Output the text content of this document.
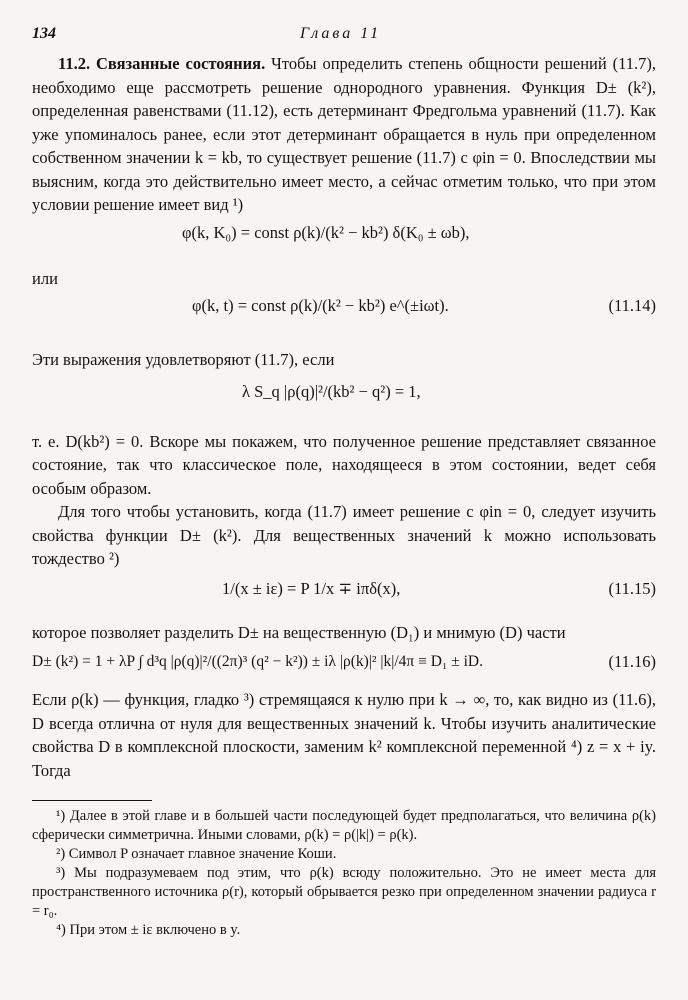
134	Глава 11

11.2. Связанные состояния. Чтобы определить степень общности решений (11.7), необходимо еще рассмотреть решение однородного уравнения. Функция D± (k²), определенная равенствами (11.12), есть детерминант Фредгольма уравнений (11.7). Как уже упоминалось ранее, если этот детерминант обращается в нуль при определенном собственном значении k = kb, то существует решение (11.7) с φin = 0. Впоследствии мы выясним, когда это действительно имеет место, а сейчас отметим только, что при этом условии решение имеет вид ¹)

φ(k, K₀) = const ρ(k)/(k² − kb²) δ(K₀ ± ωb),

или

φ(k, t) = const ρ(k)/(k² − kb²) e^(±iωt).	(11.14)

Эти выражения удовлетворяют (11.7), если

λ S_q |ρ(q)|²/(kb² − q²) = 1,

т. е. D(kb²) = 0. Вскоре мы покажем, что полученное решение представляет связанное состояние, так что классическое поле, находящееся в этом состоянии, ведет себя особым образом.

Для того чтобы установить, когда (11.7) имеет решение с φin = 0, следует изучить свойства функции D± (k²). Для вещественных значений k можно использовать тождество ²)

1/(x ± iε) = P 1/x ∓ iπδ(x),	(11.15)

которое позволяет разделить D± на вещественную (D₁) и мнимую (D) части

D± (k²) = 1 + λP ∫ d³q |ρ(q)|²/((2π)³ (q² − k²)) ± iλ |ρ(k)|² |k|/4π ≡ D₁ ± iD.	(11.16)

Если ρ(k) — функция, гладко ³) стремящаяся к нулю при k → ∞, то, как видно из (11.6), D всегда отлична от нуля для вещественных значений k. Чтобы изучить аналитические свойства D в комплексной плоскости, заменим k² комплексной переменной ⁴) z = x + iy. Тогда

¹) Далее в этой главе и в большей части последующей будет предполагаться, что величина ρ(k) сферически симметрична. Иными словами, ρ(k) = ρ(|k|) = ρ(k).

²) Символ P означает главное значение Коши.

³) Мы подразумеваем под этим, что ρ(k) всюду положительно. Это не имеет места для пространственного источника ρ(r), который обрывается резко при определенном значении радиуса r = r₀.

⁴) При этом ± iε включено в y.
